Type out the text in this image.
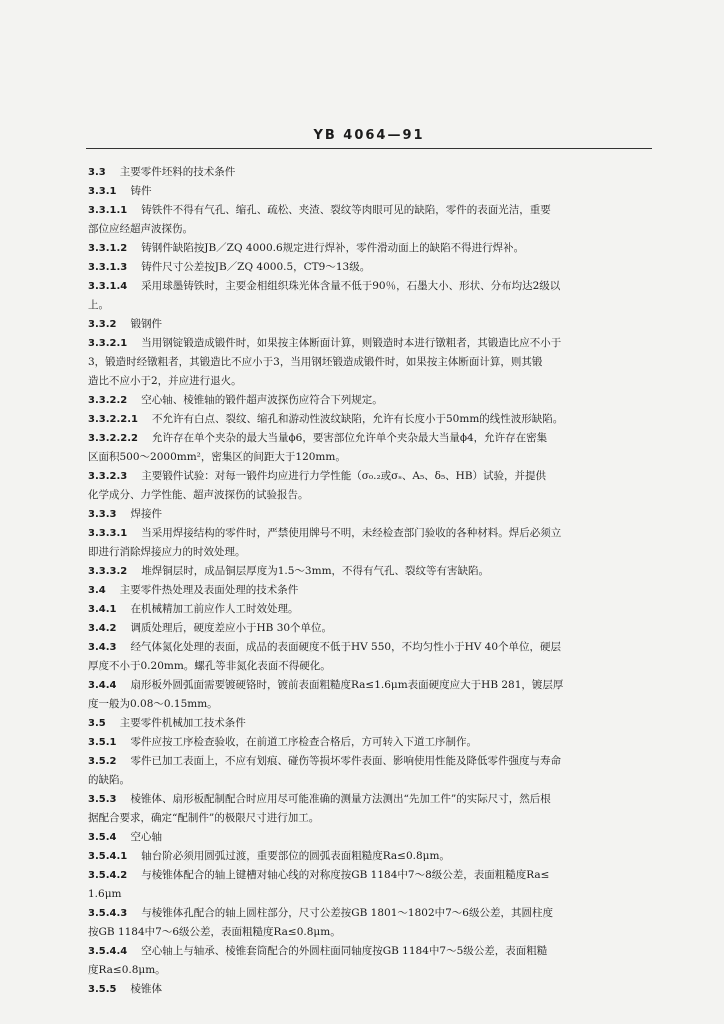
YB 4064—91
3.3 主要零件坯料的技术条件
3.3.1 铸件
3.3.1.1 铸铁件不得有气孔、缩孔、疏松、夹渣、裂纹等肉眼可见的缺陷，零件的表面光洁，重要
部位应经超声波探伤。
3.3.1.2 铸钢件缺陷按JB／ZQ 4000.6规定进行焊补，零件滑动面上的缺陷不得进行焊补。
3.3.1.3 铸件尺寸公差按JB／ZQ 4000.5，CT9～13级。
3.3.1.4 采用球墨铸铁时，主要金相组织珠光体含量不低于90％，石墨大小、形状、分布均达2级以
上。
3.3.2 锻钢件
3.3.2.1 当用钢锭锻造成锻件时，如果按主体断面计算，则锻造时本进行镦粗者，其锻造比应不小于
3，锻造时经镦粗者，其锻造比不应小于3，当用钢坯锻造成锻件时，如果按主体断面计算，则其锻
造比不应小于2，并应进行退火。
3.3.2.2 空心轴、棱锥轴的锻件超声波探伤应符合下列规定。
3.3.2.2.1 不允许有白点、裂纹、缩孔和游动性波纹缺陷，允许有长度小于50mm的线性波形缺陷。
3.3.2.2.2 允许存在单个夹杂的最大当量ϕ6，要害部位允许单个夹杂最大当量ϕ4，允许存在密集
区面积500～2000mm²，密集区的间距大于120mm。
3.3.2.3 主要锻件试验：对每一锻件均应进行力学性能（σ₀.₂或σₛ、A₅、δ₅、HB）试验，并提供
化学成分、力学性能、超声波探伤的试验报告。
3.3.3 焊接件
3.3.3.1 当采用焊接结构的零件时，严禁使用牌号不明，未经检查部门验收的各种材料。焊后必须立
即进行消除焊接应力的时效处理。
3.3.3.2 堆焊铜层时，成品铜层厚度为1.5～3mm，不得有气孔、裂纹等有害缺陷。
3.4 主要零件热处理及表面处理的技术条件
3.4.1 在机械精加工前应作人工时效处理。
3.4.2 调质处理后，硬度差应小于HB 30个单位。
3.4.3 经气体氮化处理的表面，成品的表面硬度不低于HV 550，不均匀性小于HV 40个单位，硬层
厚度不小于0.20mm。螺孔等非氮化表面不得硬化。
3.4.4 扇形板外圆弧面需要镀硬铬时，镀前表面粗糙度Ra≤1.6μm表面硬度应大于HB 281，镀层厚
度一般为0.08～0.15mm。
3.5 主要零件机械加工技术条件
3.5.1 零件应按工序检查验收，在前道工序检查合格后，方可转入下道工序制作。
3.5.2 零件已加工表面上，不应有划痕、碰伤等损坏零件表面、影响使用性能及降低零件强度与寿命
的缺陷。
3.5.3 棱锥体、扇形板配制配合时应用尽可能准确的测量方法测出“先加工件”的实际尺寸，然后根
据配合要求，确定“配制件”的极限尺寸进行加工。
3.5.4 空心轴
3.5.4.1 轴台阶必须用圆弧过渡，重要部位的圆弧表面粗糙度Ra≤0.8μm。
3.5.4.2 与棱锥体配合的轴上键槽对轴心线的对称度按GB 1184中7～8级公差，表面粗糙度Ra≤
1.6μm
3.5.4.3 与棱锥体孔配合的轴上圆柱部分，尺寸公差按GB 1801～1802中7～6级公差，其圆柱度
按GB 1184中7～6级公差，表面粗糙度Ra≤0.8μm。
3.5.4.4 空心轴上与轴承、棱锥套筒配合的外圆柱面同轴度按GB 1184中7～5级公差，表面粗糙
度Ra≤0.8μm。
3.5.5 棱锥体
